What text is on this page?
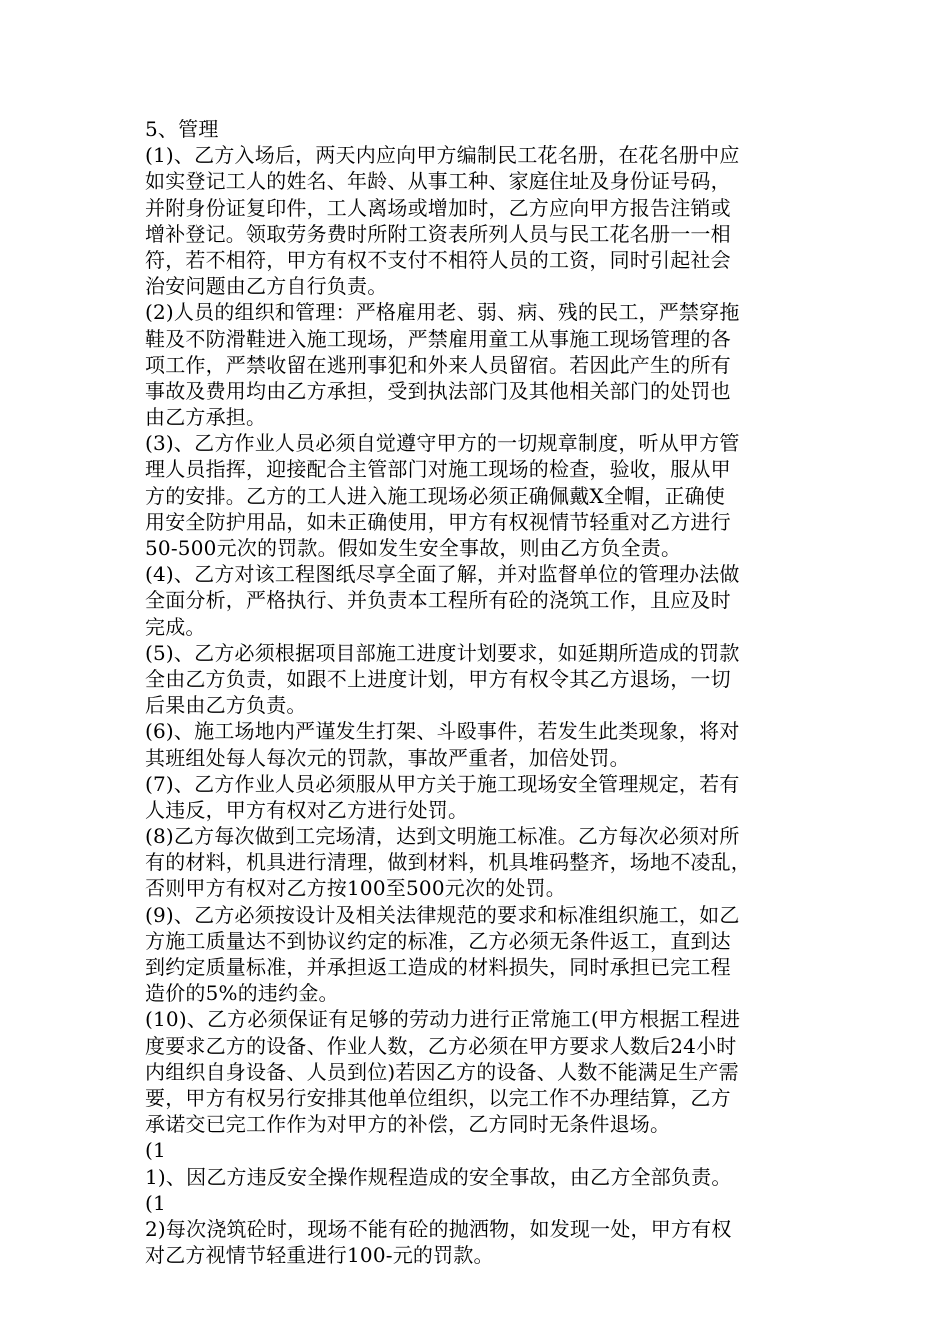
5、管理
(1)、乙方入场后，两天内应向甲方编制民工花名册，在花名册中应
如实登记工人的姓名、年龄、从事工种、家庭住址及身份证号码，
并附身份证复印件，工人离场或增加时，乙方应向甲方报告注销或
增补登记。领取劳务费时所附工资表所列人员与民工花名册一一相
符，若不相符，甲方有权不支付不相符人员的工资，同时引起社会
治安问题由乙方自行负责。
(2)人员的组织和管理：严格雇用老、弱、病、残的民工，严禁穿拖
鞋及不防滑鞋进入施工现场，严禁雇用童工从事施工现场管理的各
项工作，严禁收留在逃刑事犯和外来人员留宿。若因此产生的所有
事故及费用均由乙方承担，受到执法部门及其他相关部门的处罚也
由乙方承担。
(3)、乙方作业人员必须自觉遵守甲方的一切规章制度，听从甲方管
理人员指挥，迎接配合主管部门对施工现场的检查，验收，服从甲
方的安排。乙方的工人进入施工现场必须正确佩戴X全帽，正确使
用安全防护用品，如未正确使用，甲方有权视情节轻重对乙方进行
50-500元次的罚款。假如发生安全事故，则由乙方负全责。
(4)、乙方对该工程图纸尽享全面了解，并对监督单位的管理办法做
全面分析，严格执行、并负责本工程所有砼的浇筑工作，且应及时
完成。
(5)、乙方必须根据项目部施工进度计划要求，如延期所造成的罚款
全由乙方负责，如跟不上进度计划，甲方有权令其乙方退场，一切
后果由乙方负责。
(6)、施工场地内严谨发生打架、斗殴事件，若发生此类现象，将对
其班组处每人每次元的罚款，事故严重者，加倍处罚。
(7)、乙方作业人员必须服从甲方关于施工现场安全管理规定，若有
人违反，甲方有权对乙方进行处罚。
(8)乙方每次做到工完场清，达到文明施工标准。乙方每次必须对所
有的材料，机具进行清理，做到材料，机具堆码整齐，场地不凌乱，
否则甲方有权对乙方按100至500元次的处罚。
(9)、乙方必须按设计及相关法律规范的要求和标准组织施工，如乙
方施工质量达不到协议约定的标准，乙方必须无条件返工，直到达
到约定质量标准，并承担返工造成的材料损失，同时承担已完工程
造价的5%的违约金。
(10)、乙方必须保证有足够的劳动力进行正常施工(甲方根据工程进
度要求乙方的设备、作业人数，乙方必须在甲方要求人数后24小时
内组织自身设备、人员到位)若因乙方的设备、人数不能满足生产需
要，甲方有权另行安排其他单位组织，以完工作不办理结算，乙方
承诺交已完工作作为对甲方的补偿，乙方同时无条件退场。
(1
1)、因乙方违反安全操作规程造成的安全事故，由乙方全部负责。
(1
2)每次浇筑砼时，现场不能有砼的抛洒物，如发现一处，甲方有权
对乙方视情节轻重进行100-元的罚款。
